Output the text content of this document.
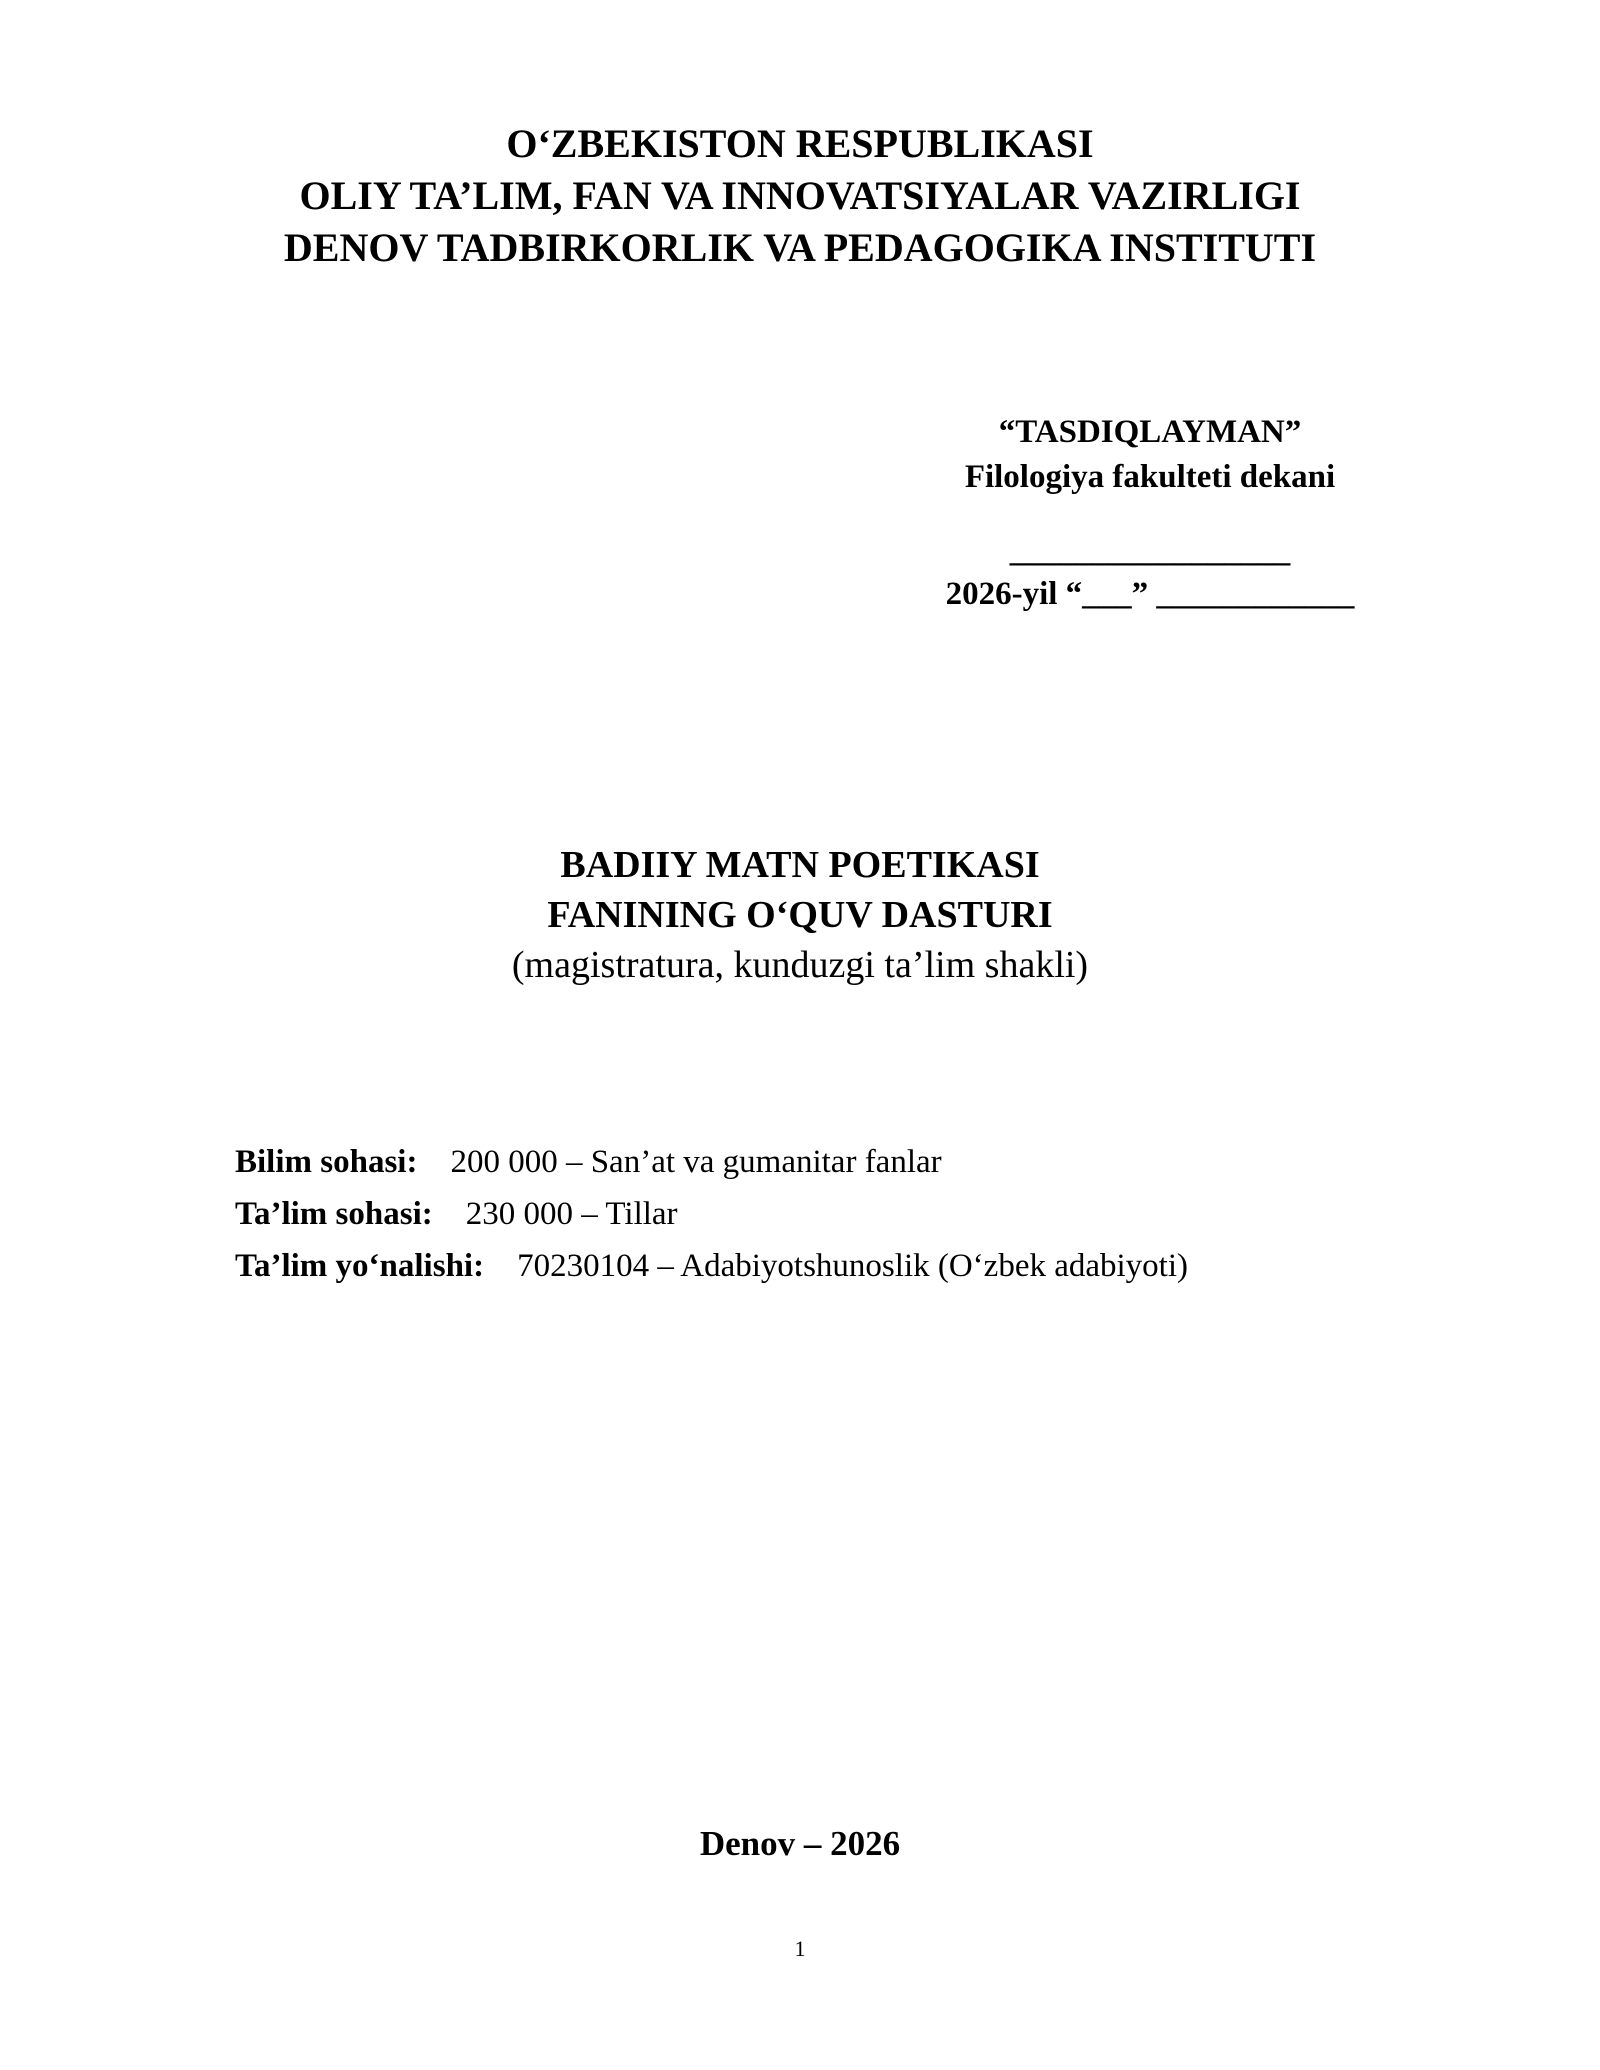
O‘ZBEKISTON RESPUBLIKASI
OLIY TA’LIM, FAN VA INNOVATSIYALAR VAZIRLIGI
DENOV TADBIRKORLIK VA PEDAGOGIKA INSTITUTI
“TASDIQLAYMAN”
Filologiya fakulteti dekani
_________________
2026-yil “___” ____________
BADIIY MATN POETIKASI
FANINING O‘QUV DASTURI
(magistratura, kunduzgi ta’lim shakli)
Bilim sohasi: 200 000 – San’at va gumanitar fanlar
Ta’lim sohasi: 230 000 – Tillar
Ta’lim yo‘nalishi: 70230104 – Adabiyotshunoslik (O‘zbek adabiyoti)
Denov – 2026
1
